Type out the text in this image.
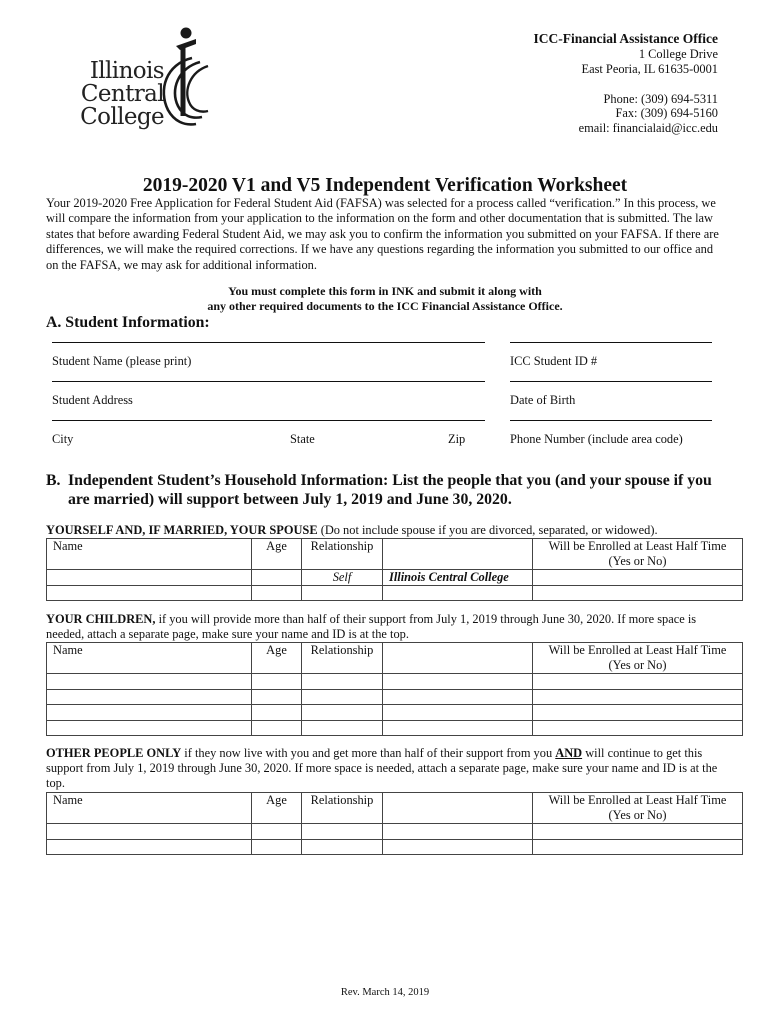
Illinois
Central
College
ICC-Financial Assistance Office
1 College Drive
East Peoria, IL 61635-0001
Phone: (309) 694-5311
Fax: (309) 694-5160
email: financialaid@icc.edu
2019-2020 V1 and V5 Independent Verification Worksheet
Your 2019-2020 Free Application for Federal Student Aid (FAFSA) was selected for a process called “verification.” In this process, we will compare the information from your application to the information on the form and other documentation that is submitted. The law states that before awarding Federal Student Aid, we may ask you to confirm the information you submitted on your FAFSA. If there are differences, we will make the required corrections. If we have any questions regarding the information you submitted to our office and on the FAFSA, we may ask for additional information.
You must complete this form in INK and submit it along with
any other required documents to the ICC Financial Assistance Office.
A. Student Information:
Student Name (please print)	ICC Student ID #
Student Address	Date of Birth
City	State	Zip	Phone Number (include area code)
B. Independent Student’s Household Information: List the people that you (and your spouse if you are married) will support between July 1, 2019 and June 30, 2020.
YOURSELF AND, IF MARRIED, YOUR SPOUSE (Do not include spouse if you are divorced, separated, or widowed).
Name	Age	Relationship		Will be Enrolled at Least Half Time
(Yes or No)

		Self	Illinois Central College	

YOUR CHILDREN, if you will provide more than half of their support from July 1, 2019 through June 30, 2020. If more space is needed, attach a separate page, make sure your name and ID is at the top.
Name	Age	Relationship		Will be Enrolled at Least Half Time
(Yes or No)

OTHER PEOPLE ONLY if they now live with you and get more than half of their support from you AND will continue to get this support from July 1, 2019 through June 30, 2020. If more space is needed, attach a separate page, make sure your name and ID is at the top.
Name	Age	Relationship		Will be Enrolled at Least Half Time
(Yes or No)

Rev. March 14, 2019
